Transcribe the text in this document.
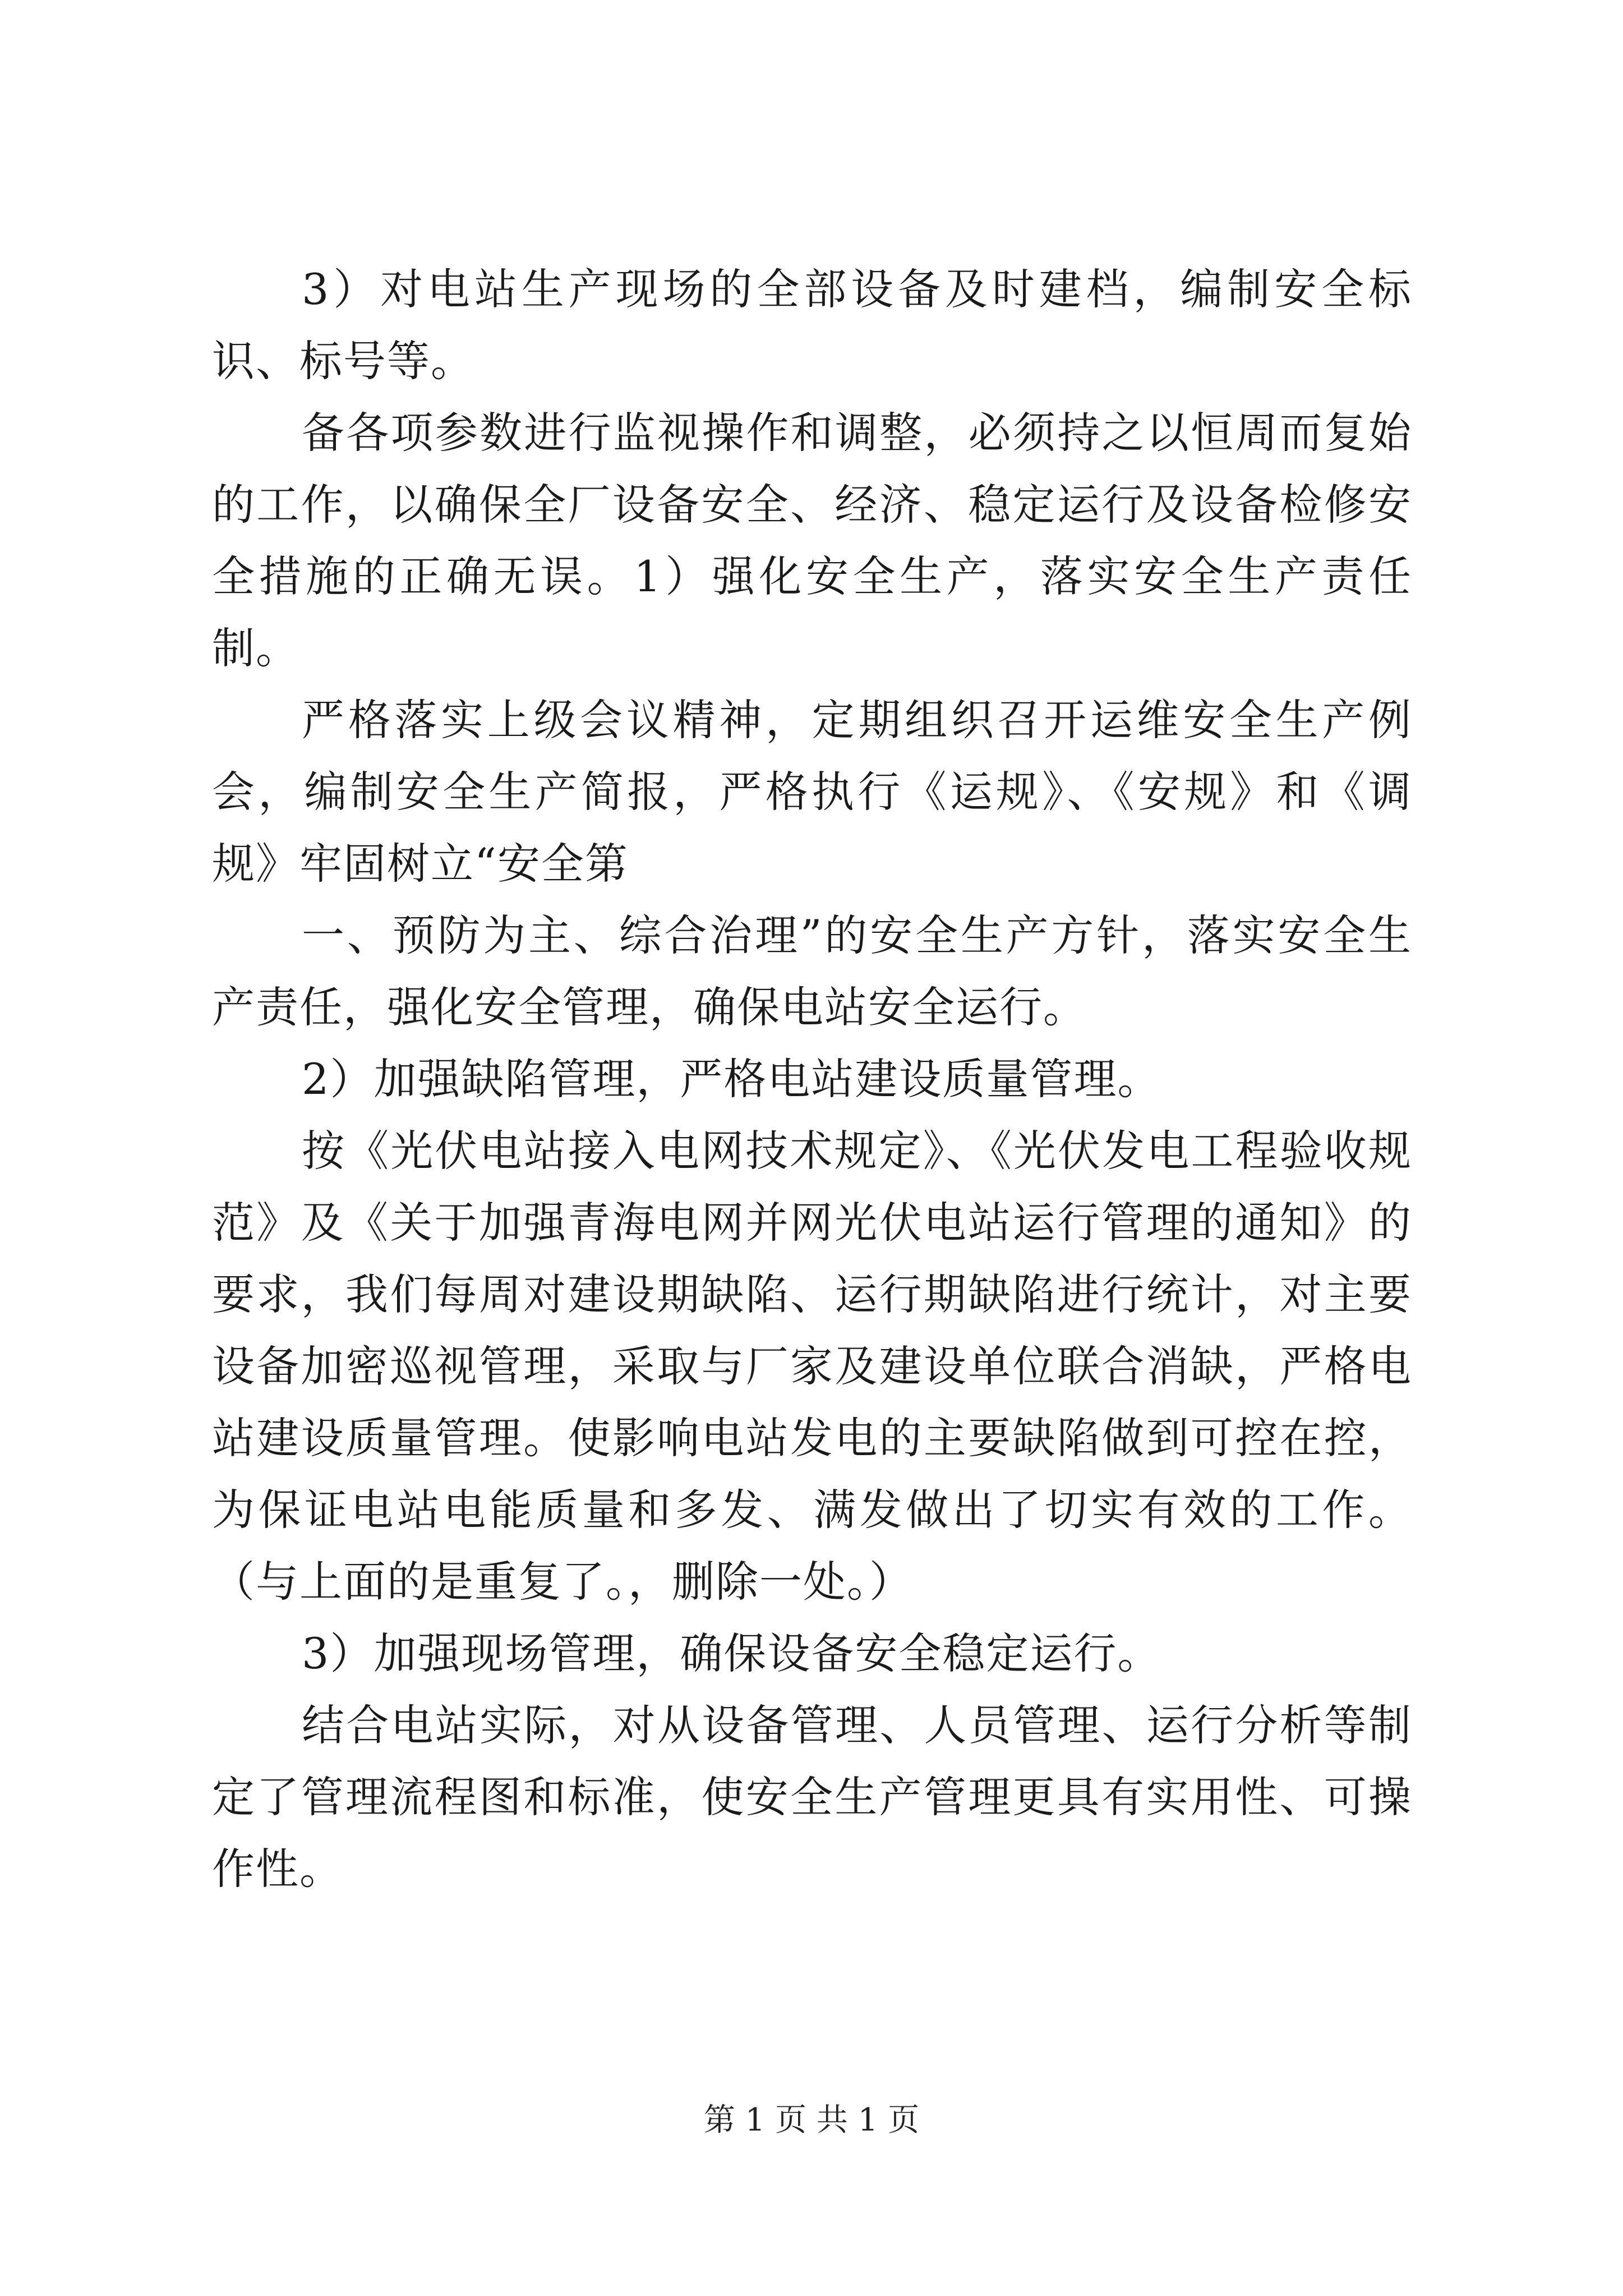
3）对电站生产现场的全部设备及时建档，编制安全标识、标号等。

备各项参数进行监视操作和调整，必须持之以恒周而复始的工作，以确保全厂设备安全、经济、稳定运行及设备检修安全措施的正确无误。1）强化安全生产，落实安全生产责任制。

严格落实上级会议精神，定期组织召开运维安全生产例会，编制安全生产简报，严格执行《运规》、《安规》和《调规》牢固树立“安全第

一、预防为主、综合治理”的安全生产方针，落实安全生产责任，强化安全管理，确保电站安全运行。

2）加强缺陷管理，严格电站建设质量管理。

按《光伏电站接入电网技术规定》、《光伏发电工程验收规范》及《关于加强青海电网并网光伏电站运行管理的通知》的要求，我们每周对建设期缺陷、运行期缺陷进行统计，对主要设备加密巡视管理，采取与厂家及建设单位联合消缺，严格电站建设质量管理。使影响电站发电的主要缺陷做到可控在控，为保证电站电能质量和多发、满发做出了切实有效的工作。（与上面的是重复了。，删除一处。）

3）加强现场管理，确保设备安全稳定运行。

结合电站实际，对从设备管理、人员管理、运行分析等制定了管理流程图和标准，使安全生产管理更具有实用性、可操作性。

第 1 页 共 1 页
